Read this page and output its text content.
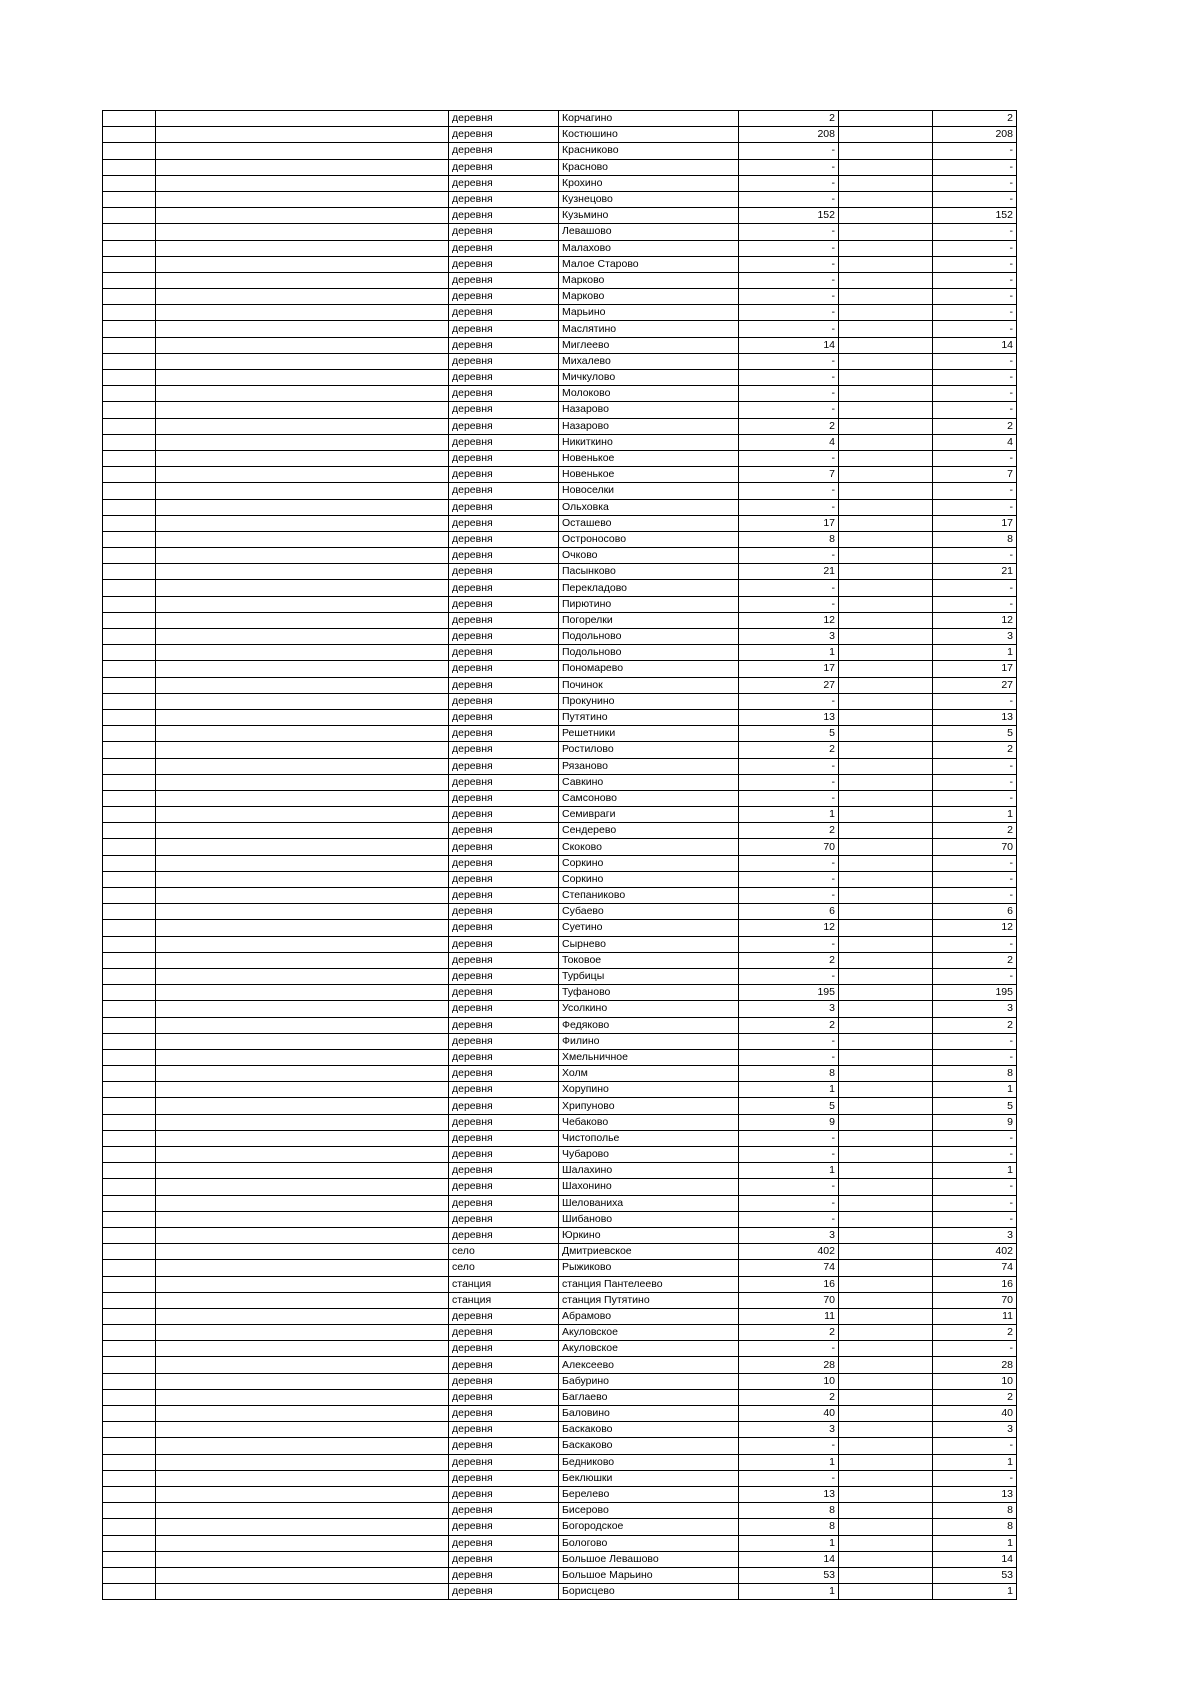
		деревня	Корчагино	2		2
		деревня	Костюшино	208		208
		деревня	Красниково	-		-
		деревня	Красново	-		-
		деревня	Крохино	-		-
		деревня	Кузнецово	-		-
		деревня	Кузьмино	152		152
		деревня	Левашово	-		-
		деревня	Малахово	-		-
		деревня	Малое Старово	-		-
		деревня	Марково	-		-
		деревня	Марково	-		-
		деревня	Марьино	-		-
		деревня	Маслятино	-		-
		деревня	Миглеево	14		14
		деревня	Михалево	-		-
		деревня	Мичкулово	-		-
		деревня	Молоково	-		-
		деревня	Назарово	-		-
		деревня	Назарово	2		2
		деревня	Никиткино	4		4
		деревня	Новенькое	-		-
		деревня	Новенькое	7		7
		деревня	Новоселки	-		-
		деревня	Ольховка	-		-
		деревня	Осташево	17		17
		деревня	Остроносово	8		8
		деревня	Очково	-		-
		деревня	Пасынково	21		21
		деревня	Перекладово	-		-
		деревня	Пирютино	-		-
		деревня	Погорелки	12		12
		деревня	Подольново	3		3
		деревня	Подольново	1		1
		деревня	Пономарево	17		17
		деревня	Починок	27		27
		деревня	Прокунино	-		-
		деревня	Путятино	13		13
		деревня	Решетники	5		5
		деревня	Ростилово	2		2
		деревня	Рязаново	-		-
		деревня	Савкино	-		-
		деревня	Самсоново	-		-
		деревня	Семивраги	1		1
		деревня	Сендерево	2		2
		деревня	Скоково	70		70
		деревня	Соркино	-		-
		деревня	Соркино	-		-
		деревня	Степаниково	-		-
		деревня	Субаево	6		6
		деревня	Суетино	12		12
		деревня	Сырнево	-		-
		деревня	Токовое	2		2
		деревня	Турбицы	-		-
		деревня	Туфаново	195		195
		деревня	Усолкино	3		3
		деревня	Федяково	2		2
		деревня	Филино	-		-
		деревня	Хмельничное	-		-
		деревня	Холм	8		8
		деревня	Хорупино	1		1
		деревня	Хрипуново	5		5
		деревня	Чебаково	9		9
		деревня	Чистополье	-		-
		деревня	Чубарово	-		-
		деревня	Шалахино	1		1
		деревня	Шахонино	-		-
		деревня	Шелованиха	-		-
		деревня	Шибаново	-		-
		деревня	Юркино	3		3
		село	Дмитриевское	402		402
		село	Рыжиково	74		74
		станция	станция Пантелеево	16		16
		станция	станция Путятино	70		70
		деревня	Абрамово	11		11
		деревня	Акуловское	2		2
		деревня	Акуловское	-		-
		деревня	Алексеево	28		28
		деревня	Бабурино	10		10
		деревня	Баглаево	2		2
		деревня	Баловино	40		40
		деревня	Баскаково	3		3
		деревня	Баскаково	-		-
		деревня	Бедниково	1		1
		деревня	Беклюшки	-		-
		деревня	Берелево	13		13
		деревня	Бисерово	8		8
		деревня	Богородское	8		8
		деревня	Бологово	1		1
		деревня	Большое Левашово	14		14
		деревня	Большое Марьино	53		53
		деревня	Борисцево	1		1
